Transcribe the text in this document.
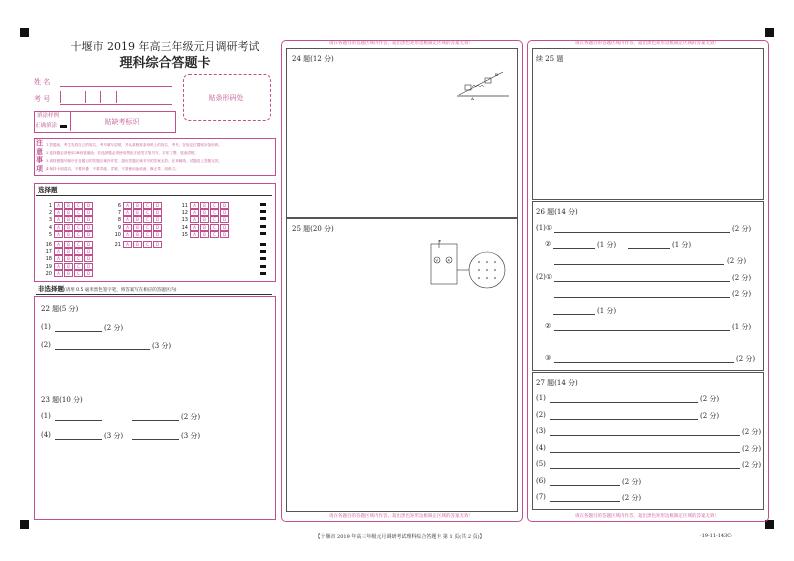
十堰市 2019 年高三年级元月调研考试
理科综合答题卡
姓 名
考 号	贴条形码处
填涂样例
正确填涂	贴缺考标识
注
意
事
项
1.答题前，考生先将自己的姓名、考号填写清楚，并认真核准条形码上的姓名、考号，在规定位置贴好条形码。
2.选择题必须使用2B铅笔填涂；非选择题必须使用黑色字迹签字笔书写，字体工整、笔迹清楚。
3.请按照题号顺序在各题目的答题区域内作答，超出答题区域书写的答案无效；在草稿纸、试题卷上答题无效。
4.保持卡面清洁，不要折叠、不要弄破、弄皱，不准使用涂改液、修正带、刮纸刀。
选择题
1 A B C D
2 A B C D
3 A B C D
4 A B C D
5 A B C D
6 A B C D
7 A B C D
8 A B C D
9 A B C D
10 A B C D
11 A B C D
12 A B C D
13 A B C D
14 A B C D
15 A B C D
16 A B C D
17 A B C D
18 A B C D
19 A B C D
20 A B C D
21 A B C D
非选择题(请用 0.5 毫米黑色签字笔，将答案写在相应的答题区内)
22 题(5 分)
(1)	(2 分)
(2)	(3 分)
23 题(10 分)
(1)	(2 分)
(4)	(3 分)	(3 分)
请在各题目的答题区域内作答，超出黑色矩形边框限定区域的答案无效！
请在各题目的答题区域内作答，超出黑色矩形边框限定区域的答案无效！
24 题(12 分)
A
B
25 题(20 分)
V	A
E
请在各题目的答题区域内作答，超出黑色矩形边框限定区域的答案无效！
请在各题目的答题区域内作答，超出黑色矩形边框限定区域的答案无效！
续 25 题
26 题(14 分)
(1)①	(2 分)
②	(1 分)	(1 分)
(2 分)
(2)①	(2 分)
(2 分)
(1 分)
②	(1 分)
③	(2 分)
27 题(14 分)
(1)	(2 分)
(2)	(2 分)
(3)	(2 分)
(4)	(2 分)
(5)	(2 分)
(6)	(2 分)
(7)	(2 分)
【十堰市 2019 年高三年级元月调研考试理科综合答题卡 第 1 页(共 2 页)】	·19-11-143C·
